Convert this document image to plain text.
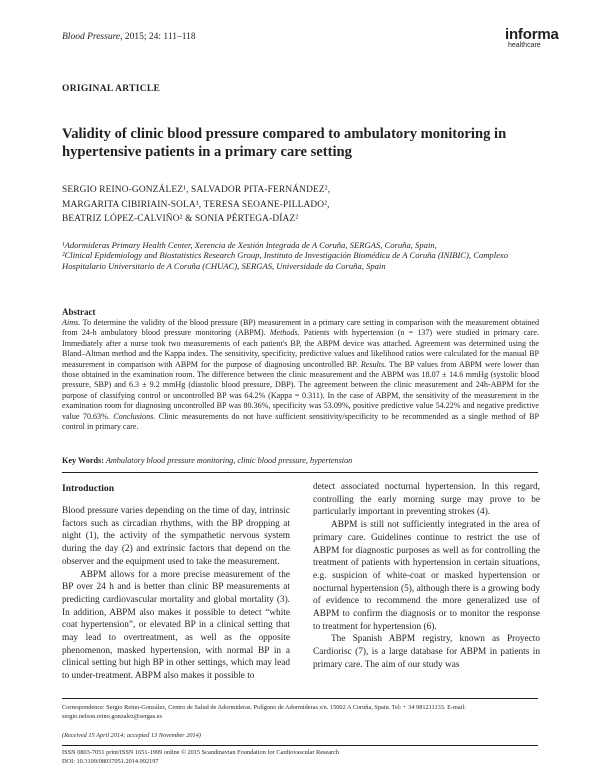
Blood Pressure, 2015; 24: 111–118	informa
healthcare
ORIGINAL ARTICLE
Validity of clinic blood pressure compared to ambulatory monitoring in hypertensive patients in a primary care setting
SERGIO REINO-GONZÁLEZ¹, SALVADOR PITA-FERNÁNDEZ²,
MARGARITA CIBIRIAIN-SOLA¹, TERESA SEOANE-PILLADO²,
BEATRIZ LÓPEZ-CALVIÑO² & SONIA PÉRTEGA-DÍAZ²
¹Adormideras Primary Health Center, Xerencia de Xestión Integrada de A Coruña, SERGAS, Coruña, Spain,
²Clinical Epidemiology and Biostatistics Research Group, Instituto de Investigación Biomédica de A Coruña (INIBIC), Complexo Hospitalario Universitario de A Coruña (CHUAC), SERGAS, Universidade da Coruña, Spain
Abstract
Aims. To determine the validity of the blood pressure (BP) measurement in a primary care setting in comparison with the measurement obtained from 24-h ambulatory blood pressure monitoring (ABPM). Methods. Patients with hypertension (n = 137) were studied in primary care. Immediately after a nurse took two measurements of each patient's BP, the ABPM device was attached. Agreement was determined using the Bland–Altman method and the Kappa index. The sensitivity, specificity, predictive values and likelihood ratios were calculated for the manual BP measurement in comparison with ABPM for the purpose of diagnosing uncontrolled BP. Results. The BP values from ABPM were lower than those obtained in the examination room. The difference between the clinic measurement and the ABPM was 18.07 ± 14.6 mmHg (systolic blood pressure, SBP) and 6.3 ± 9.2 mmHg (diastolic blood pressure, DBP). The agreement between the clinic measurement and 24h-ABPM for the purpose of classifying control or uncontrolled BP was 64.2% (Kappa = 0.311). In the case of ABPM, the sensitivity of the measurement in the examination room for diagnosing uncontrolled BP was 80.36%, specificity was 53.09%, positive predictive value 54.22% and negative predictive value 70.63%. Conclusions. Clinic measurements do not have sufficient sensitivity/specificity to be recommended as a single method of BP control in primary care.
Key Words: Ambulatory blood pressure monitoring, clinic blood pressure, hypertension
Introduction

Blood pressure varies depending on the time of day, intrinsic factors such as circadian rhythms, with the BP dropping at night (1), the activity of the sympathetic nervous system during the day (2) and extrinsic factors that depend on the observer and the equipment used to take the measurement.

ABPM allows for a more precise measurement of the BP over 24 h and is better than clinic BP measurements at predicting cardiovascular mortality and global mortality (3). In addition, ABPM also makes it possible to detect “white coat hypertension”, or elevated BP in a clinical setting that may lead to overtreatment, as well as the opposite phenomenon, masked hypertension, with normal BP in a clinical setting but high BP in other settings, which may lead to under-treatment. ABPM also makes it possible to

detect associated nocturnal hypertension. In this regard, controlling the early morning surge may prove to be particularly important in preventing strokes (4).

ABPM is still not sufficiently integrated in the area of primary care. Guidelines continue to restrict the use of ABPM for diagnostic purposes as well as for controlling the treatment of patients with hypertension in certain situations, e.g. suspicion of white-coat or masked hypertension or nocturnal hypertension (5), although there is a growing body of evidence to recommend the more generalized use of ABPM to confirm the diagnosis or to monitor the response to treatment for hypertension (6).

The Spanish ABPM registry, known as Proyecto Cardiorisc (7), is a large database for ABPM in patients in primary care. The aim of our study was

Correspondence: Sergio Reino-González, Centro de Salud de Adormideras. Polígono de Adormideras s/n. 15002 A Coruña, Spain. Tel: + 34 981211133. E-mail: sergio.nelson.reino.gonzalez@sergas.es
(Received 15 April 2014; accepted 13 November 2014)
ISSN 0803-7051 print/ISSN 1651-1999 online © 2015 Scandinavian Foundation for Cardiovascular Research
DOI: 10.3109/08037051.2014.992197
